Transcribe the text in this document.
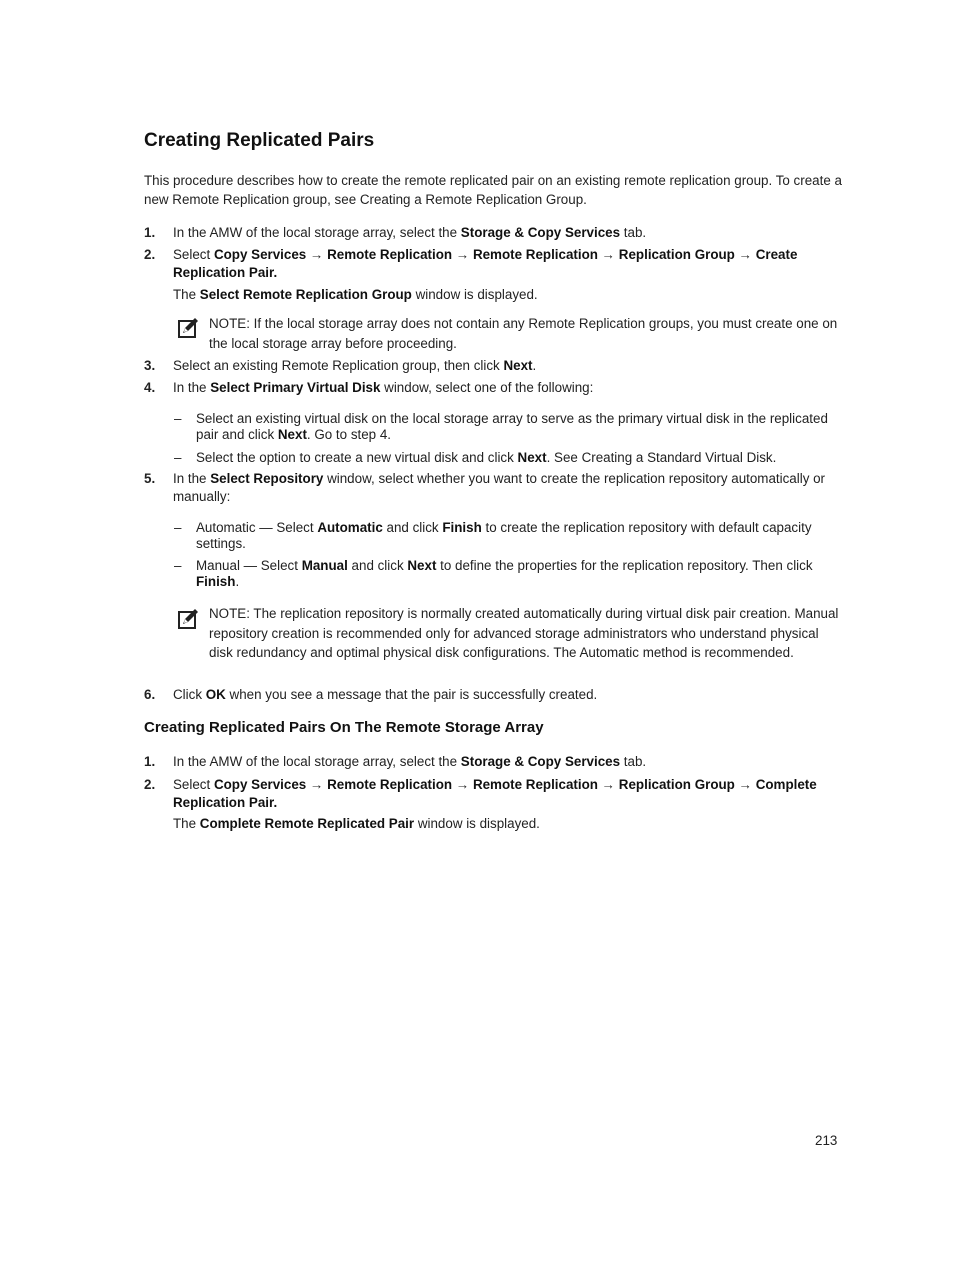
Creating Replicated Pairs
This procedure describes how to create the remote replicated pair on an existing remote replication group. To create a new Remote Replication group, see Creating a Remote Replication Group.
1. In the AMW of the local storage array, select the Storage & Copy Services tab.
2. Select Copy Services → Remote Replication → Remote Replication → Replication Group → Create Replication Pair.
The Select Remote Replication Group window is displayed.
NOTE: If the local storage array does not contain any Remote Replication groups, you must create one on the local storage array before proceeding.
3. Select an existing Remote Replication group, then click Next.
4. In the Select Primary Virtual Disk window, select one of the following:
– Select an existing virtual disk on the local storage array to serve as the primary virtual disk in the replicated pair and click Next. Go to step 4.
– Select the option to create a new virtual disk and click Next. See Creating a Standard Virtual Disk.
5. In the Select Repository window, select whether you want to create the replication repository automatically or manually:
– Automatic — Select Automatic and click Finish to create the replication repository with default capacity settings.
– Manual — Select Manual and click Next to define the properties for the replication repository. Then click Finish.
NOTE: The replication repository is normally created automatically during virtual disk pair creation. Manual repository creation is recommended only for advanced storage administrators who understand physical disk redundancy and optimal physical disk configurations. The Automatic method is recommended.
6. Click OK when you see a message that the pair is successfully created.
Creating Replicated Pairs On The Remote Storage Array
1. In the AMW of the local storage array, select the Storage & Copy Services tab.
2. Select Copy Services → Remote Replication → Remote Replication → Replication Group → Complete Replication Pair.
The Complete Remote Replicated Pair window is displayed.
213
